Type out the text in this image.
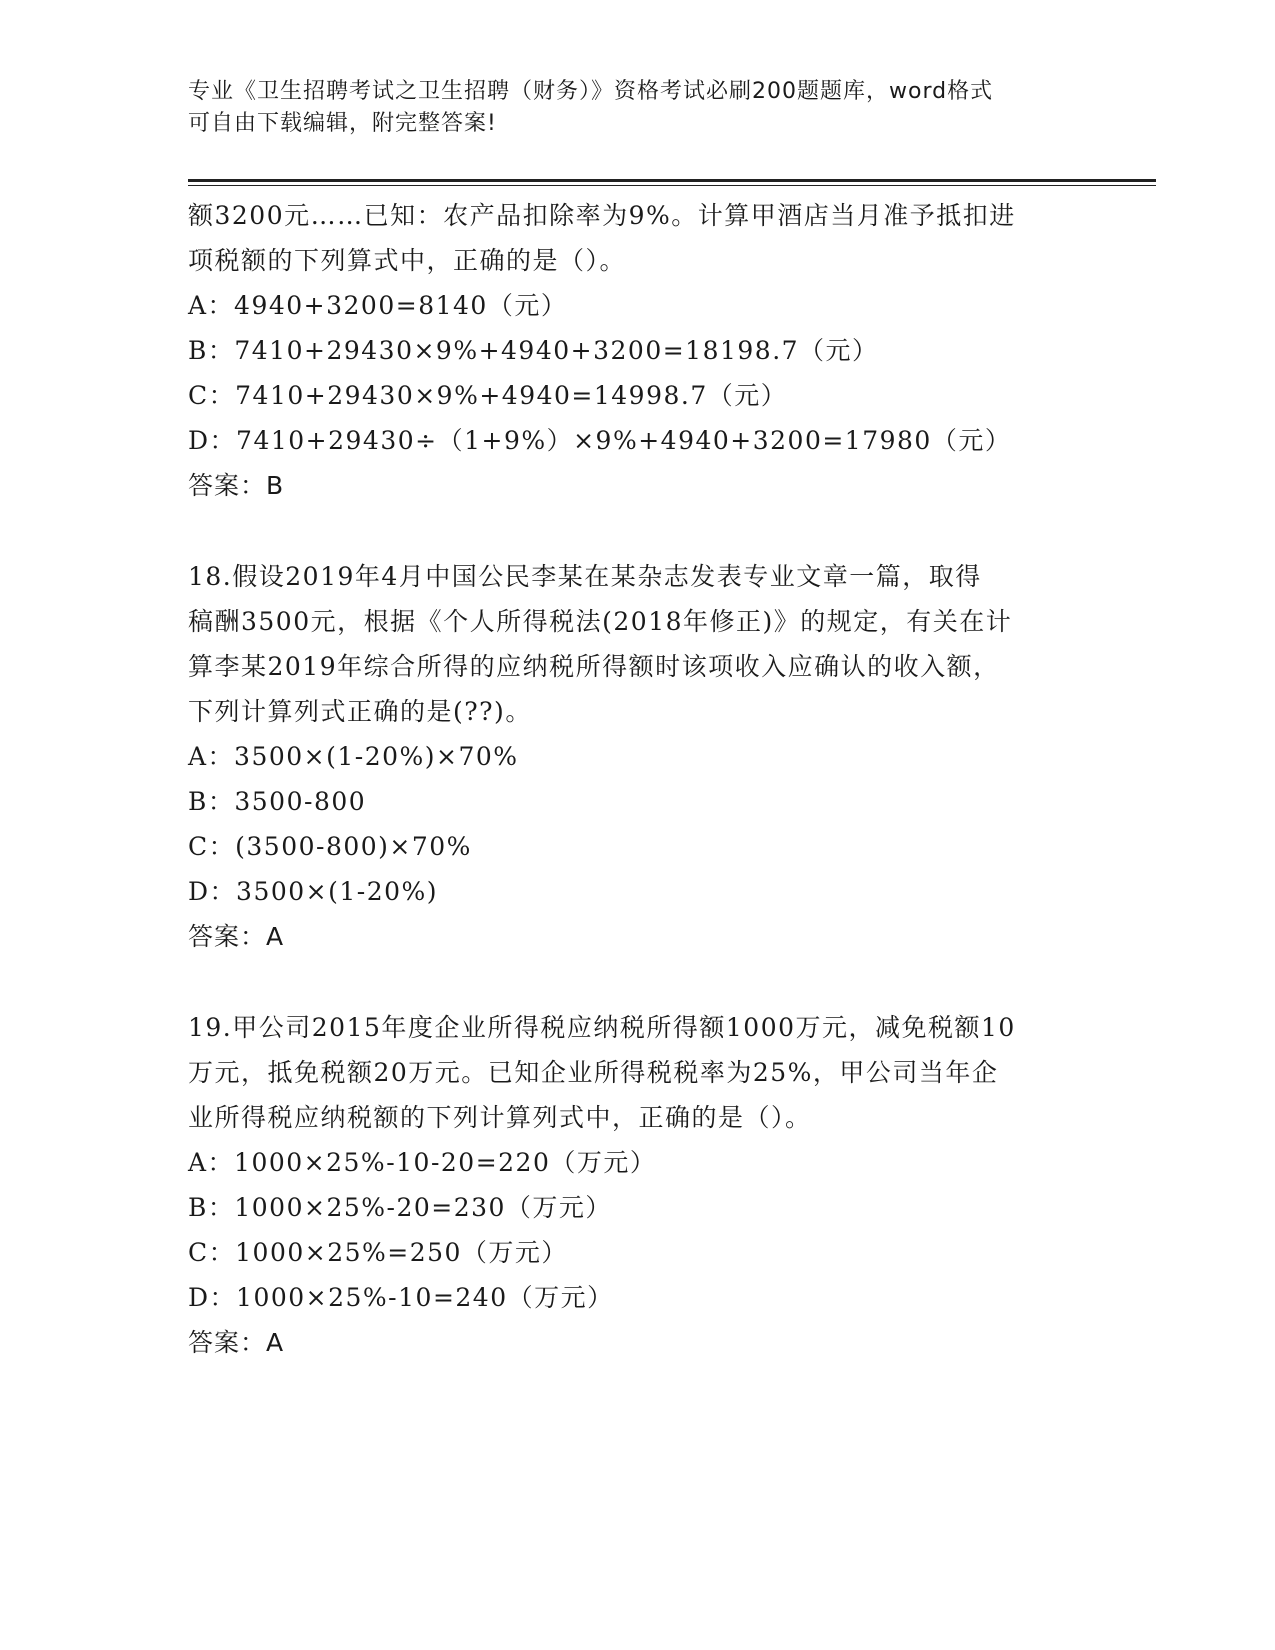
专业《卫生招聘考试之卫生招聘（财务）》资格考试必刷200题题库，word格式
可自由下载编辑，附完整答案!
额3200元……已知：农产品扣除率为9%。计算甲酒店当月准予抵扣进
项税额的下列算式中，正确的是（）。
A：4940+3200=8140（元）
B：7410+29430×9%+4940+3200=18198.7（元）
C：7410+29430×9%+4940=14998.7（元）
D：7410+29430÷（1+9%）×9%+4940+3200=17980（元）
答案：B
18.假设2019年4月中国公民李某在某杂志发表专业文章一篇，取得
稿酬3500元，根据《个人所得税法(2018年修正)》的规定，有关在计
算李某2019年综合所得的应纳税所得额时该项收入应确认的收入额，
下列计算列式正确的是(??)。
A：3500×(1-20%)×70%
B：3500-800
C：(3500-800)×70%
D：3500×(1-20%)
答案：A
19.甲公司2015年度企业所得税应纳税所得额1000万元，减免税额10
万元，抵免税额20万元。已知企业所得税税率为25%，甲公司当年企
业所得税应纳税额的下列计算列式中，正确的是（）。
A：1000×25%-10-20=220（万元）
B：1000×25%-20=230（万元）
C：1000×25%=250（万元）
D：1000×25%-10=240（万元）
答案：A
